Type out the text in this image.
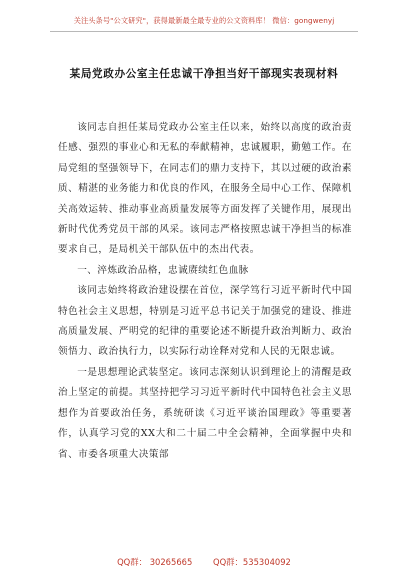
关注头条号"公文研究"，获得最新最全最专业的公文资料库！ 微信：gongwenyj
某局党政办公室主任忠诚干净担当好干部现实表现材料

该同志自担任某局党政办公室主任以来，始终以高度的政治责任感、强烈的事业心和无私的奉献精神，忠诚履职，勤勉工作。在局党组的坚强领导下，在同志们的鼎力支持下，其以过硬的政治素质、精湛的业务能力和优良的作风，在服务全局中心工作、保障机关高效运转、推动事业高质量发展等方面发挥了关键作用，展现出新时代优秀党员干部的风采。该同志严格按照忠诚干净担当的标准要求自己，是局机关干部队伍中的杰出代表。

一、淬炼政治品格，忠诚赓续红色血脉

该同志始终将政治建设摆在首位，深学笃行习近平新时代中国特色社会主义思想，特别是习近平总书记关于加强党的建设、推进高质量发展、严明党的纪律的重要论述不断提升政治判断力、政治领悟力、政治执行力，以实际行动诠释对党和人民的无限忠诚。

一是思想理论武装坚定。该同志深刻认识到理论上的清醒是政治上坚定的前提。其坚持把学习习近平新时代中国特色社会主义思想作为首要政治任务，系统研读《习近平谈治国理政》等重要著作，认真学习党的XX大和二十届二中全会精神，全面掌握中央和省、市委各项重大决策部

QQ群： 30265665 QQ群：535304092
